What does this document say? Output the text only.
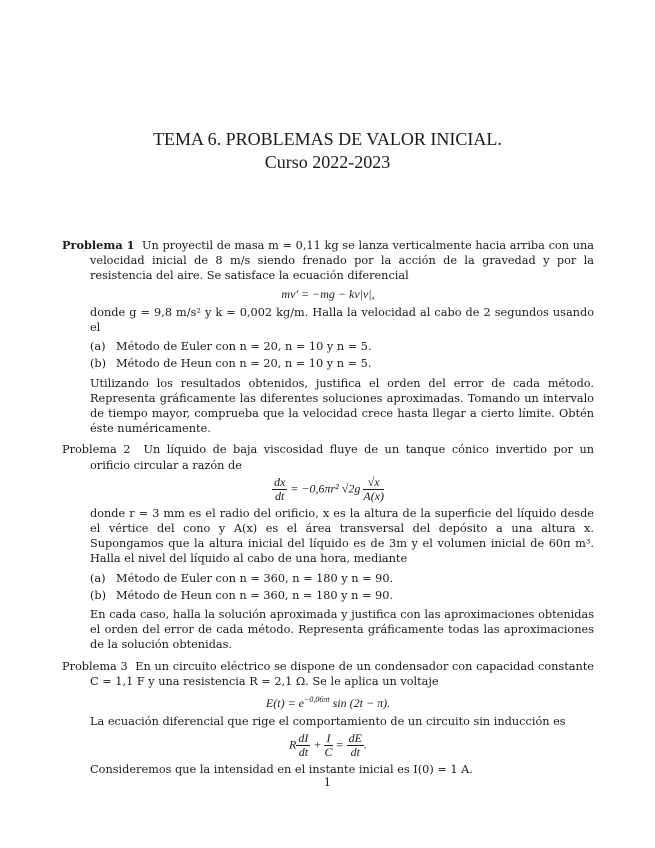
TEMA 6. PROBLEMAS DE VALOR INICIAL.
Curso 2022-2023

Problema 1 Un proyectil de masa m = 0,11 kg se lanza verticalmente hacia arriba con una velocidad inicial de 8 m/s siendo frenado por la acción de la gravedad y por la resistencia del aire. Se satisface la ecuación diferencial

mv′ = −mg − kv|v|,

donde g = 9,8 m/s² y k = 0,002 kg/m. Halla la velocidad al cabo de 2 segundos usando el

(a) Método de Euler con n = 20, n = 10 y n = 5.
(b) Método de Heun con n = 20, n = 10 y n = 5.

Utilizando los resultados obtenidos, justifica el orden del error de cada método. Representa gráficamente las diferentes soluciones aproximadas. Tomando un intervalo de tiempo mayor, comprueba que la velocidad crece hasta llegar a cierto límite. Obtén éste numéricamente.

Problema 2 Un líquido de baja viscosidad fluye de un tanque cónico invertido por un orificio circular a razón de

$\frac{dx}{dt} = -0,6\pi r^2$ $√2g \frac{√x}{A(x)}$

donde r = 3 mm es el radio del orificio, x es la altura de la superficie del líquido desde el vértice del cono y A(x) es el área transversal del depósito a una altura x. Supongamos que la altura inicial del líquido es de 3m y el volumen inicial de 60π m³. Halla el nivel del líquido al cabo de una hora, mediante

(a) Método de Euler con n = 360, n = 180 y n = 90.
(b) Método de Heun con n = 360, n = 180 y n = 90.

En cada caso, halla la solución aproximada y justifica con las aproximaciones obtenidas el orden del error de cada método. Representa gráficamente todas las aproximaciones de la solución obtenidas.

Problema 3 En un circuito eléctrico se dispone de un condensador con capacidad constante C = 1,1 F y una resistencia R = 2,1 Ω. Se le aplica un voltaje

$E(t) = e^{-0,06\pi t}$ sin (2t − π).

La ecuación diferencial que rige el comportamiento de un circuito sin inducción es

R $\frac{dI}{dt} + \frac{I}{C} = \frac{dE}{dt}$ .

Consideremos que la intensidad en el instante inicial es I(0) = 1 A.

1
